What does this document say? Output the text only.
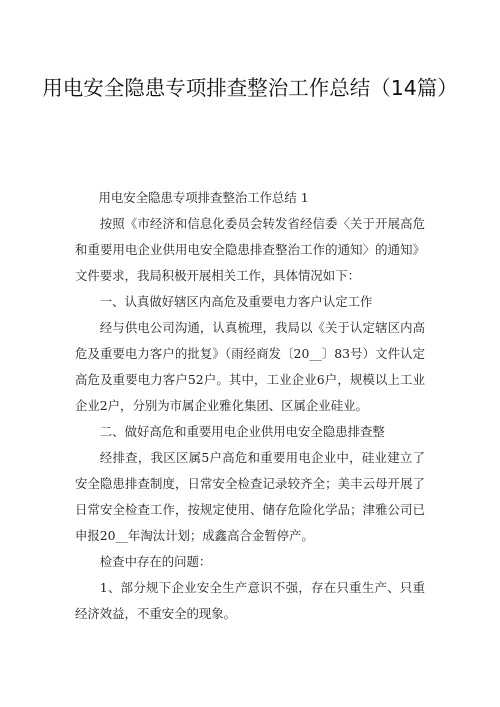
用电安全隐患专项排查整治工作总结（14篇）

用电安全隐患专项排查整治工作总结 1

按照《市经济和信息化委员会转发省经信委〈关于开展高危和重要用电企业供用电安全隐患排查整治工作的通知〉的通知》文件要求，我局积极开展相关工作，具体情况如下：

一、认真做好辖区内高危及重要电力客户认定工作

经与供电公司沟通，认真梳理，我局以《关于认定辖区内高危及重要电力客户的批复》（雨经商发〔20__〕83号）文件认定高危及重要电力客户52户。其中，工业企业6户，规模以上工业企业2户，分别为市属企业雅化集团、区属企业硅业。

二、做好高危和重要用电企业供用电安全隐患排查整

经排查，我区区属5户高危和重要用电企业中，硅业建立了安全隐患排查制度，日常安全检查记录较齐全；美丰云母开展了日常安全检查工作，按规定使用、储存危险化学品；津雅公司已申报20__年淘汰计划；成鑫高合金暂停产。

检查中存在的问题：

1、部分规下企业安全生产意识不强，存在只重生产、只重经济效益，不重安全的现象。
